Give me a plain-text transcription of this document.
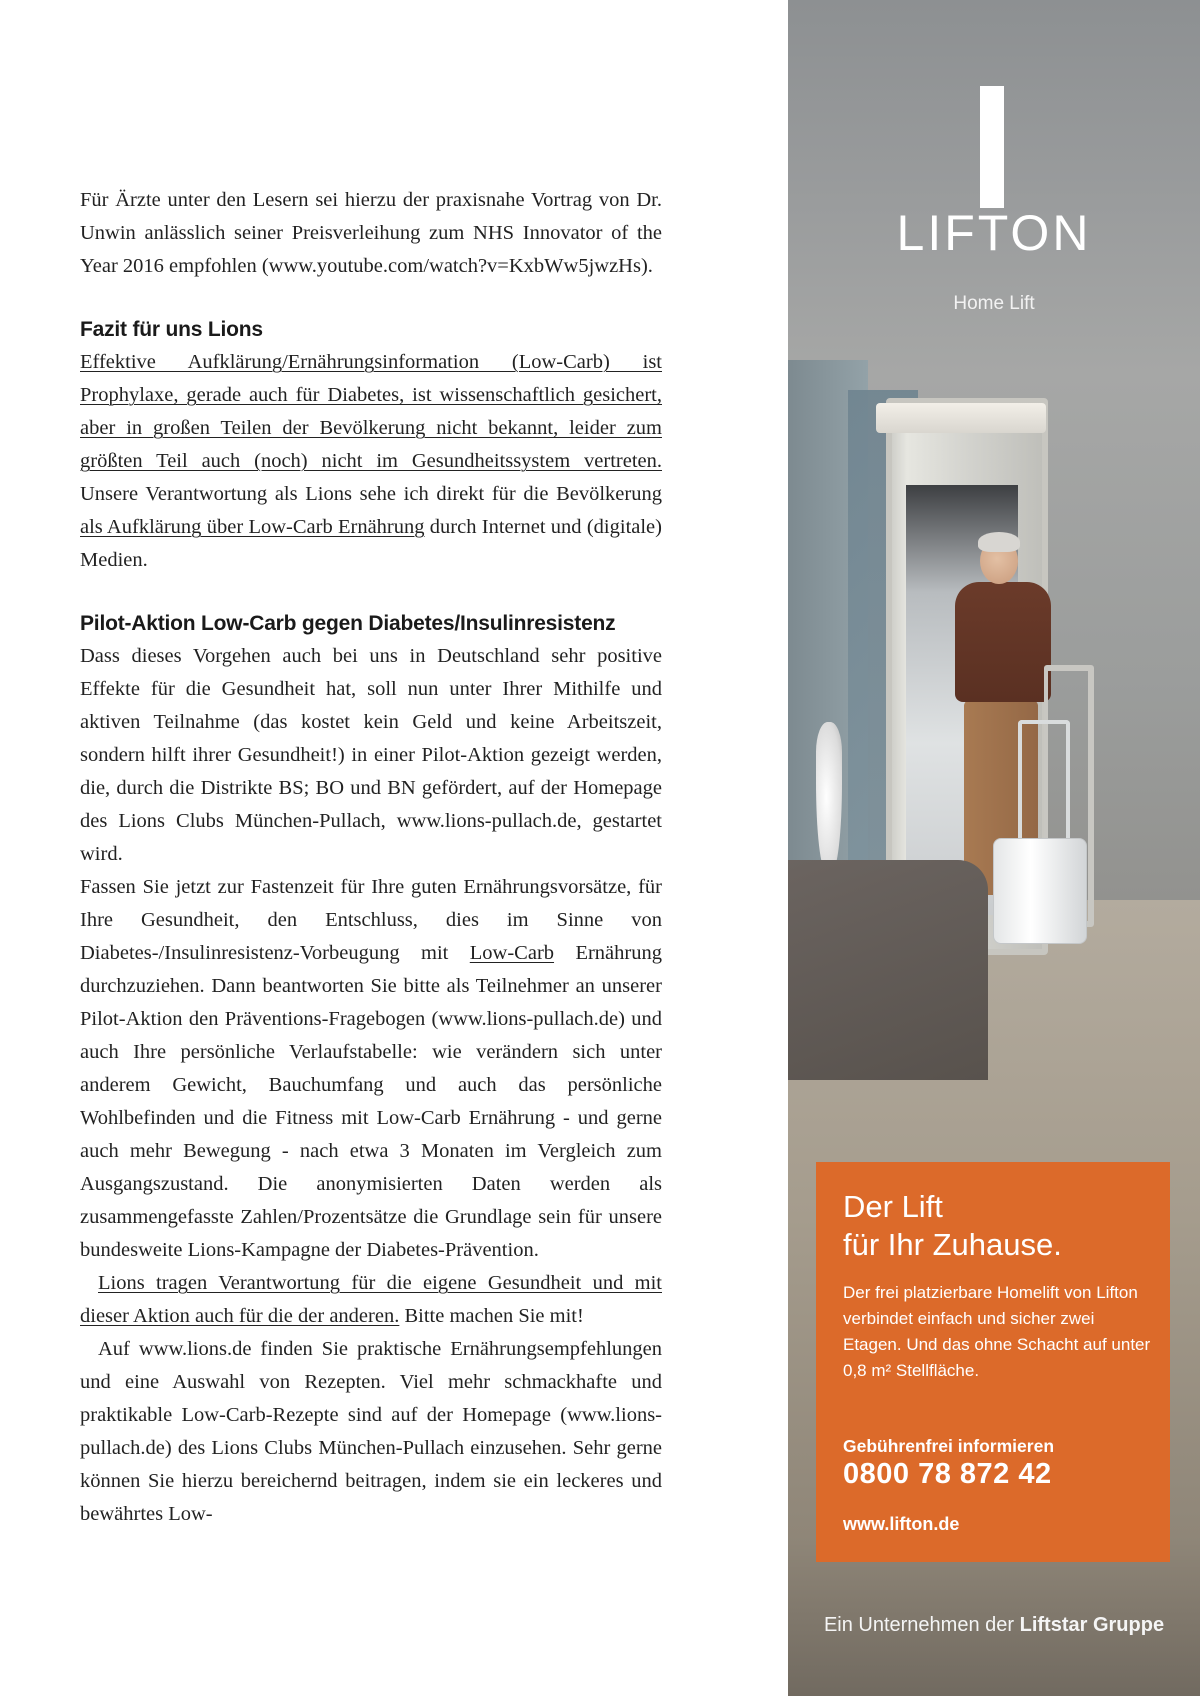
Für Ärzte unter den Lesern sei hierzu der praxisnahe Vortrag von Dr. Unwin anlässlich seiner Preisverleihung zum NHS Innovator of the Year 2016 empfohlen (www.youtube.com/watch?v=KxbWw5jwzHs).

Fazit für uns Lions

Effektive Aufklärung/Ernährungsinformation (Low-Carb) ist Prophylaxe, gerade auch für Diabetes, ist wissenschaftlich gesichert, aber in großen Teilen der Bevölkerung nicht bekannt, leider zum größten Teil auch (noch) nicht im Gesundheitssystem vertreten. Unsere Verantwortung als Lions sehe ich direkt für die Bevölkerung als Aufklärung über Low-Carb Ernährung durch Internet und (digitale) Medien.

Pilot-Aktion Low-Carb gegen Diabetes/Insulinresistenz

Dass dieses Vorgehen auch bei uns in Deutschland sehr positive Effekte für die Gesundheit hat, soll nun unter Ihrer Mithilfe und aktiven Teilnahme (das kostet kein Geld und keine Arbeitszeit, sondern hilft ihrer Gesundheit!) in einer Pilot-Aktion gezeigt werden, die, durch die Distrikte BS; BO und BN gefördert, auf der Homepage des Lions Clubs München-Pullach, www.lions-pullach.de, gestartet wird.

Fassen Sie jetzt zur Fastenzeit für Ihre guten Ernährungsvorsätze, für Ihre Gesundheit, den Entschluss, dies im Sinne von Diabetes-/Insulinresistenz-Vorbeugung mit Low-Carb Ernährung durchzuziehen. Dann beantworten Sie bitte als Teilnehmer an unserer Pilot-Aktion den Präventions-Fragebogen (www.lions-pullach.de) und auch Ihre persönliche Verlaufstabelle: wie verändern sich unter anderem Gewicht, Bauchumfang und auch das persönliche Wohlbefinden und die Fitness mit Low-Carb Ernährung - und gerne auch mehr Bewegung - nach etwa 3 Monaten im Vergleich zum Ausgangszustand. Die anonymisierten Daten werden als zusammengefasste Zahlen/Prozentsätze die Grundlage sein für unsere bundesweite Lions-Kampagne der Diabetes-Prävention.

Lions tragen Verantwortung für die eigene Gesundheit und mit dieser Aktion auch für die der anderen. Bitte machen Sie mit!

Auf www.lions.de finden Sie praktische Ernährungsempfehlungen und eine Auswahl von Rezepten. Viel mehr schmackhafte und praktikable Low-Carb-Rezepte sind auf der Homepage (www.lions-pullach.de) des Lions Clubs München-Pullach einzusehen. Sehr gerne können Sie hierzu bereichernd beitragen, indem sie ein leckeres und bewährtes Low-

LIFTON
Home Lift
Der Lift
für Ihr Zuhause.
Der frei platzierbare Homelift von Lifton verbindet einfach und sicher zwei Etagen. Und das ohne Schacht auf unter 0,8 m² Stellfläche.
Gebührenfrei informieren
0800 78 872 42
www.lifton.de
Ein Unternehmen der Liftstar Gruppe
